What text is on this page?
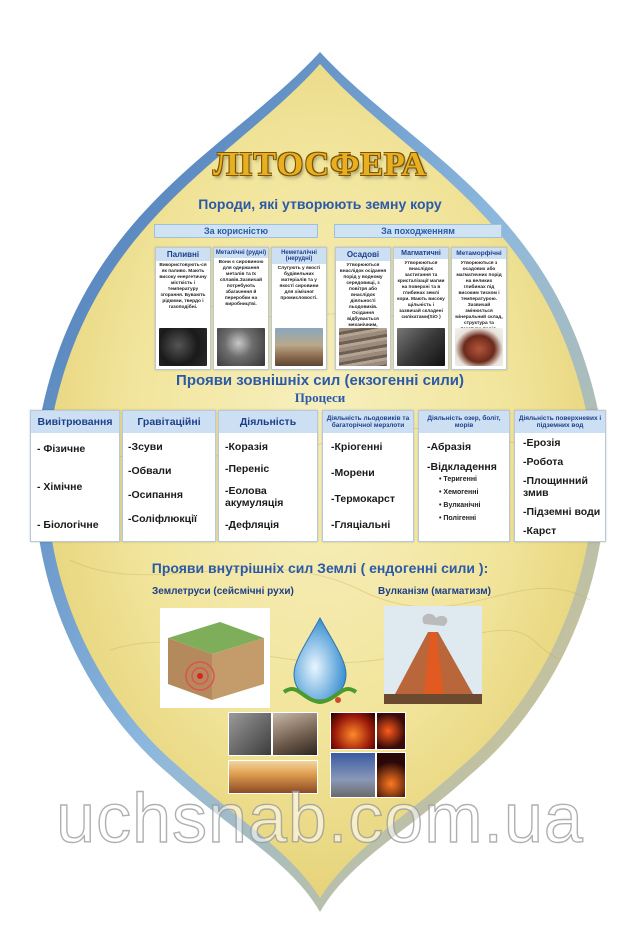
ЛІТОСФЕРА
Породи, які утворюють земну кору
За корисністю	За походженням
Паливні
Використовують-ся як паливо. Мають високу енергетичну місткість і температуру згорання. Бувають рідкими, твердо і газоподібні.
Металічні (рудні)
Вони є сировиною для одержання металів та їх сплавів.Зазвичай потребують збагачення й переробки на виробництві.
Неметалічні (нерудні)
Слугують у якості будівельних матеріалів та у якості сировини для хімічної промисловості.
Осадові
Утворюються внаслідок осідання порід у водному середовищі, з повітря або внаслідок діяльності льодовиків. Осідання відбувається механічним,
Магматичні
Утворюються внаслідок застигання та кристалізації магми на поверхні та в глибинах землі кори. Мають високу щільність і зазвичай складені силікатами(SiO )
Метаморфічні
Утворюються з осадових або магматичних порід на великих глибинах під високим тиском і температурою. Зазвичай змінюється мінеральний склад, структура та
Прояви зовнішніх сил (екзогенні сили)
Процеси
Вивітрювання
- Фізичне
- Хімічне
- Біологічне
Гравітаційні
-Зсуви
-Обвали
-Осипання
-Соліфлюкції
Діяльність
-Коразія
-Переніс
-Еолова акумуляція
-Дефляція
Діяльність льодовиків та багаторічної мерзлоти
-Кріогенні
-Морени
-Термокарст
-Гляціальні
Діяльність озер, боліт, морів
-Абразія
-Відкладення
• Теригенні
• Хемогенні
• Вулканічні
• Полігенні
Діяльність поверхневих і підземних вод
-Ерозія
-Робота
-Площинний змив
-Підземні води
-Карст
Прояви внутрішніх сил Землі ( ендогенні сили ):
Землетруси (сейсмічні рухи)	Вулканізм (магматизм)
uchsnab.com.ua
